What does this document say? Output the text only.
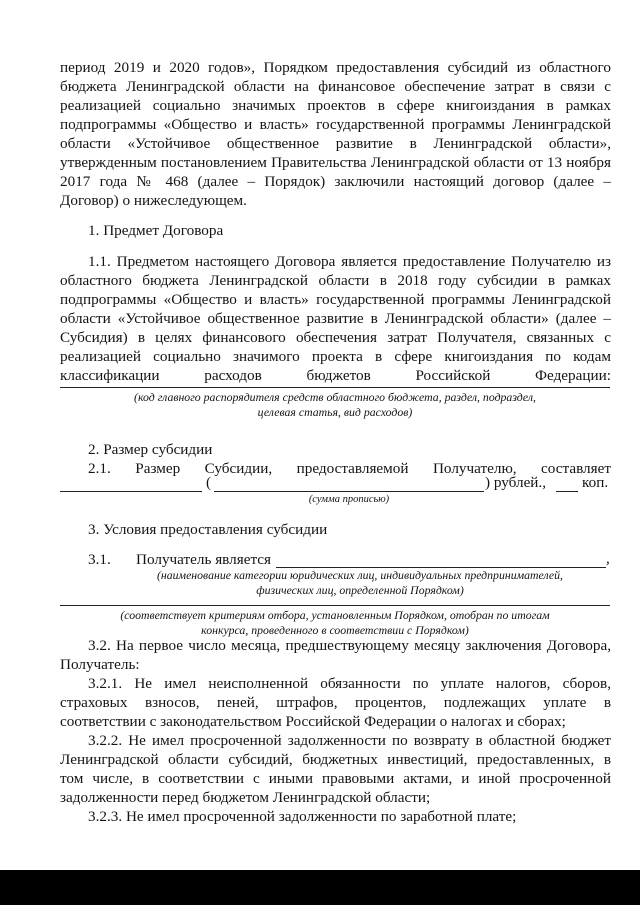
период 2019 и 2020 годов», Порядком предоставления субсидий из областного
бюджета Ленинградской области на финансовое обеспечение затрат в связи с
реализацией социально значимых проектов в сфере книгоиздания в рамках
подпрограммы «Общество и власть» государственной программы Ленинградской
области «Устойчивое общественное развитие в Ленинградской области»,
утвержденным постановлением Правительства Ленинградской области от 13 ноября
2017 года № 468 (далее – Порядок) заключили настоящий договор (далее –
Договор) о нижеследующем.
1. Предмет Договора
1.1. Предметом настоящего Договора является предоставление Получателю из
областного бюджета Ленинградской области в 2018 году субсидии в рамках
подпрограммы «Общество и власть» государственной программы Ленинградской
области «Устойчивое общественное развитие в Ленинградской области» (далее –
Субсидия) в целях финансового обеспечения затрат Получателя, связанных с
реализацией социально значимого проекта в сфере книгоиздания по кодам
классификации расходов бюджетов Российской Федерации:
(код главного распорядителя средств областного бюджета, раздел, подраздел,
целевая статья, вид расходов)
2. Размер субсидии
2.1. Размер Субсидии, предоставляемой Получателю, составляет
(	) рублей., коп.
(сумма прописью)
3. Условия предоставления субсидии
3.1. Получатель является	,
(наименование категории юридических лиц, индивидуальных предпринимателей,
физических лиц, определенной Порядком)
(соответствует критериям отбора, установленным Порядком, отобран по итогам
конкурса, проведенного в соответствии с Порядком)
3.2. На первое число месяца, предшествующему месяцу заключения Договора,
Получатель:
3.2.1. Не имел неисполненной обязанности по уплате налогов, сборов,
страховых взносов, пеней, штрафов, процентов, подлежащих уплате в
соответствии с законодательством Российской Федерации о налогах и сборах;
3.2.2. Не имел просроченной задолженности по возврату в областной бюджет
Ленинградской области субсидий, бюджетных инвестиций, предоставленных, в
том числе, в соответствии с иными правовыми актами, и иной просроченной
задолженности перед бюджетом Ленинградской области;
3.2.3. Не имел просроченной задолженности по заработной плате;
